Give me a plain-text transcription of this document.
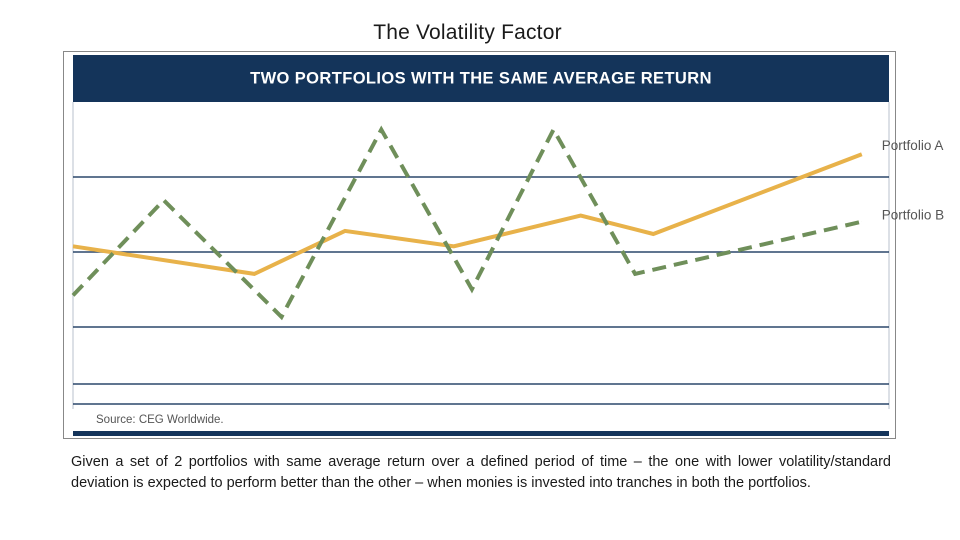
The Volatility Factor
TWO PORTFOLIOS WITH THE SAME AVERAGE RETURN
Portfolio A
Portfolio B
Source: CEG Worldwide.

Given a set of 2 portfolios with same average return over a defined period of time – the one with lower volatility/standard deviation is expected to perform better than the other – when monies is invested into tranches in both the portfolios.
